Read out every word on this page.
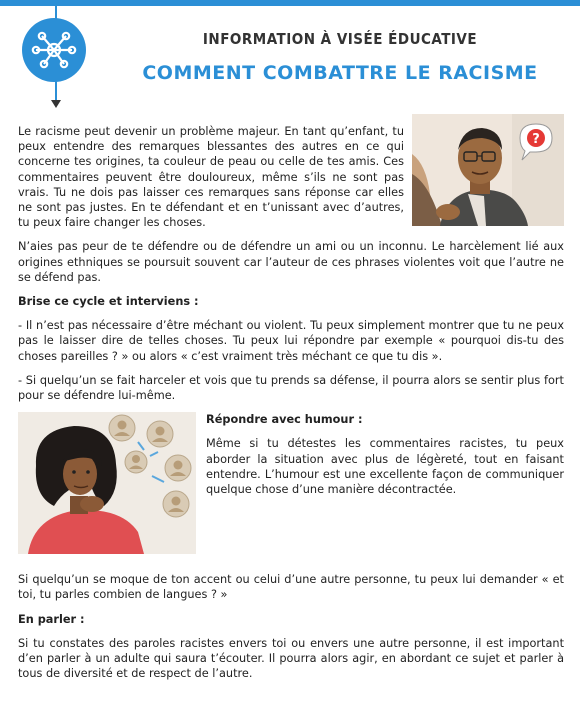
INFORMATION À VISÉE ÉDUCATIVE
COMMENT COMBATTRE LE RACISME
?

Le racisme peut devenir un problème majeur. En tant qu’enfant, tu peux entendre des remarques blessantes des autres en ce qui concerne tes origines, ta couleur de peau ou celle de tes amis. Ces commentaires peuvent être douloureux, même s’ils ne sont pas vrais. Tu ne dois pas laisser ces remarques sans réponse car elles ne sont pas justes. En te défendant et en t’unissant avec d’autres, tu peux faire changer les choses.

N’aies pas peur de te défendre ou de défendre un ami ou un inconnu. Le harcèlement lié aux origines ethniques se poursuit souvent car l’auteur de ces phrases violentes voit que l’autre ne se défend pas.

Brise ce cycle et interviens :

- Il n’est pas nécessaire d’être méchant ou violent. Tu peux simplement montrer que tu ne peux pas le laisser dire de telles choses. Tu peux lui répondre par exemple « pourquoi dis-tu des choses pareilles ? » ou alors « c’est vraiment très méchant ce que tu dis ».

- Si quelqu’un se fait harceler et vois que tu prends sa défense, il pourra alors se sentir plus fort pour se défendre lui-même.

Répondre avec humour :

Même si tu détestes les commentaires racistes, tu peux aborder la situation avec plus de légèreté, tout en faisant entendre. L’humour est une excellente façon de communiquer quelque chose d’une manière décontractée.

Si quelqu’un se moque de ton accent ou celui d’une autre personne, tu peux lui demander « et toi, tu parles combien de langues ? »

En parler :

Si tu constates des paroles racistes envers toi ou envers une autre personne, il est important d’en parler à un adulte qui saura t’écouter. Il pourra alors agir, en abordant ce sujet et parler à tous de diversité et de respect de l’autre.
